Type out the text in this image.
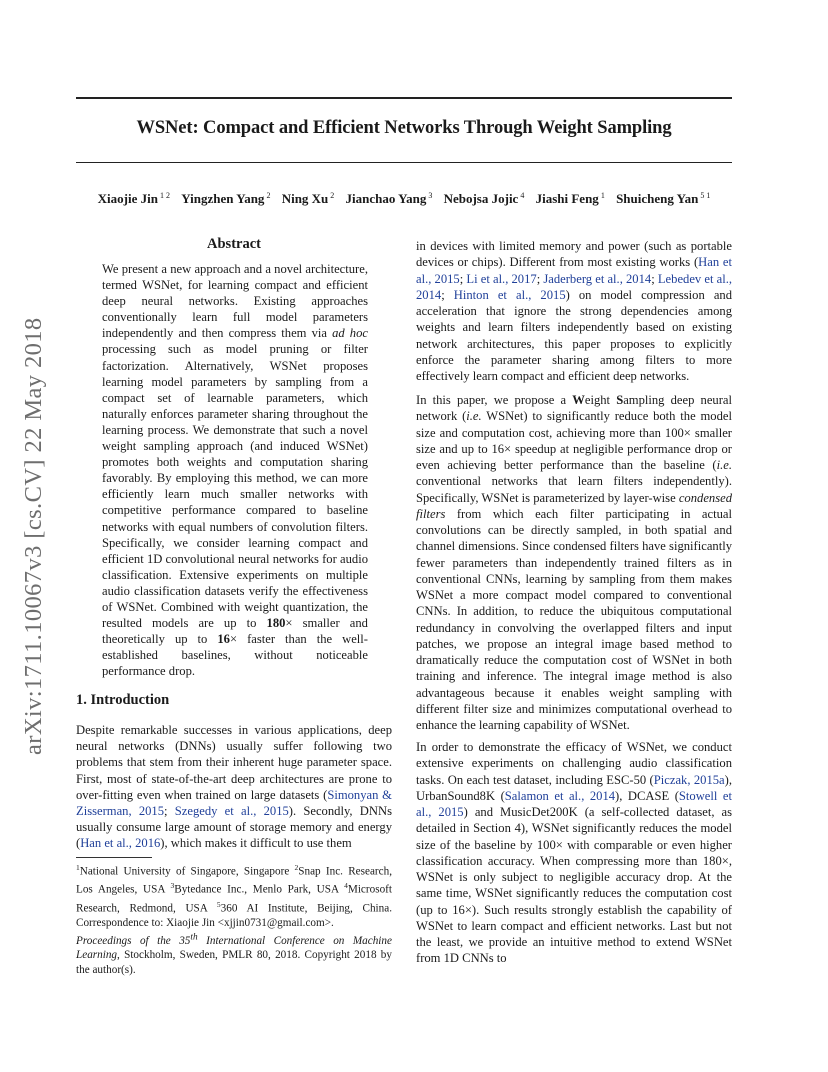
arXiv:1711.10067v3 [cs.CV] 22 May 2018
WSNet: Compact and Efficient Networks Through Weight Sampling
Xiaojie Jin $^{1 2}$ Yingzhen Yang $^2$ Ning Xu $^2$ Jianchao Yang $^3$ Nebojsa Jojic $^4$ Jiashi Feng $^1$ Shuicheng Yan $^{5 1}$
Abstract
We present a new approach and a novel architecture, termed WSNet, for learning compact and efficient deep neural networks. Existing approaches conventionally learn full model parameters independently and then compress them via ad hoc processing such as model pruning or filter factorization. Alternatively, WSNet proposes learning model parameters by sampling from a compact set of learnable parameters, which naturally enforces parameter sharing throughout the learning process. We demonstrate that such a novel weight sampling approach (and induced WSNet) promotes both weights and computation sharing favorably. By employing this method, we can more efficiently learn much smaller networks with competitive performance compared to baseline networks with equal numbers of convolution filters. Specifically, we consider learning compact and efficient 1D convolutional neural networks for audio classification. Extensive experiments on multiple audio classification datasets verify the effectiveness of WSNet. Combined with weight quantization, the resulted models are up to 180× smaller and theoretically up to 16× faster than the well-established baselines, without noticeable performance drop.
1. Introduction
Despite remarkable successes in various applications, deep neural networks (DNNs) usually suffer following two problems that stem from their inherent huge parameter space. First, most of state-of-the-art deep architectures are prone to over-fitting even when trained on large datasets (Simonyan & Zisserman, 2015; Szegedy et al., 2015). Secondly, DNNs usually consume large amount of storage memory and energy (Han et al., 2016), which makes it difficult to use them
$^1$National University of Singapore, Singapore $^2$Snap Inc. Research, Los Angeles, USA $^3$Bytedance Inc., Menlo Park, USA $^4$Microsoft Research, Redmond, USA $^5$360 AI Institute, Beijing, China. Correspondence to: Xiaojie Jin <xjjin0731@gmail.com>.
Proceedings of the 35th International Conference on Machine Learning, Stockholm, Sweden, PMLR 80, 2018. Copyright 2018 by the author(s).

in devices with limited memory and power (such as portable devices or chips). Different from most existing works (Han et al., 2015; Li et al., 2017; Jaderberg et al., 2014; Lebedev et al., 2014; Hinton et al., 2015) on model compression and acceleration that ignore the strong dependencies among weights and learn filters independently based on existing network architectures, this paper proposes to explicitly enforce the parameter sharing among filters to more effectively learn compact and efficient deep networks.

In this paper, we propose a Weight Sampling deep neural network (i.e. WSNet) to significantly reduce both the model size and computation cost, achieving more than 100× smaller size and up to 16× speedup at negligible performance drop or even achieving better performance than the baseline (i.e. conventional networks that learn filters independently). Specifically, WSNet is parameterized by layer-wise condensed filters from which each filter participating in actual convolutions can be directly sampled, in both spatial and channel dimensions. Since condensed filters have significantly fewer parameters than independently trained filters as in conventional CNNs, learning by sampling from them makes WSNet a more compact model compared to conventional CNNs. In addition, to reduce the ubiquitous computational redundancy in convolving the overlapped filters and input patches, we propose an integral image based method to dramatically reduce the computation cost of WSNet in both training and inference. The integral image method is also advantageous because it enables weight sampling with different filter size and minimizes computational overhead to enhance the learning capability of WSNet.

In order to demonstrate the efficacy of WSNet, we conduct extensive experiments on challenging audio classification tasks. On each test dataset, including ESC-50 (Piczak, 2015a), UrbanSound8K (Salamon et al., 2014), DCASE (Stowell et al., 2015) and MusicDet200K (a self-collected dataset, as detailed in Section 4), WSNet significantly reduces the model size of the baseline by 100× with comparable or even higher classification accuracy. When compressing more than 180×, WSNet is only subject to negligible accuracy drop. At the same time, WSNet significantly reduces the computation cost (up to 16×). Such results strongly establish the capability of WSNet to learn compact and efficient networks. Last but not the least, we provide an intuitive method to extend WSNet from 1D CNNs to
